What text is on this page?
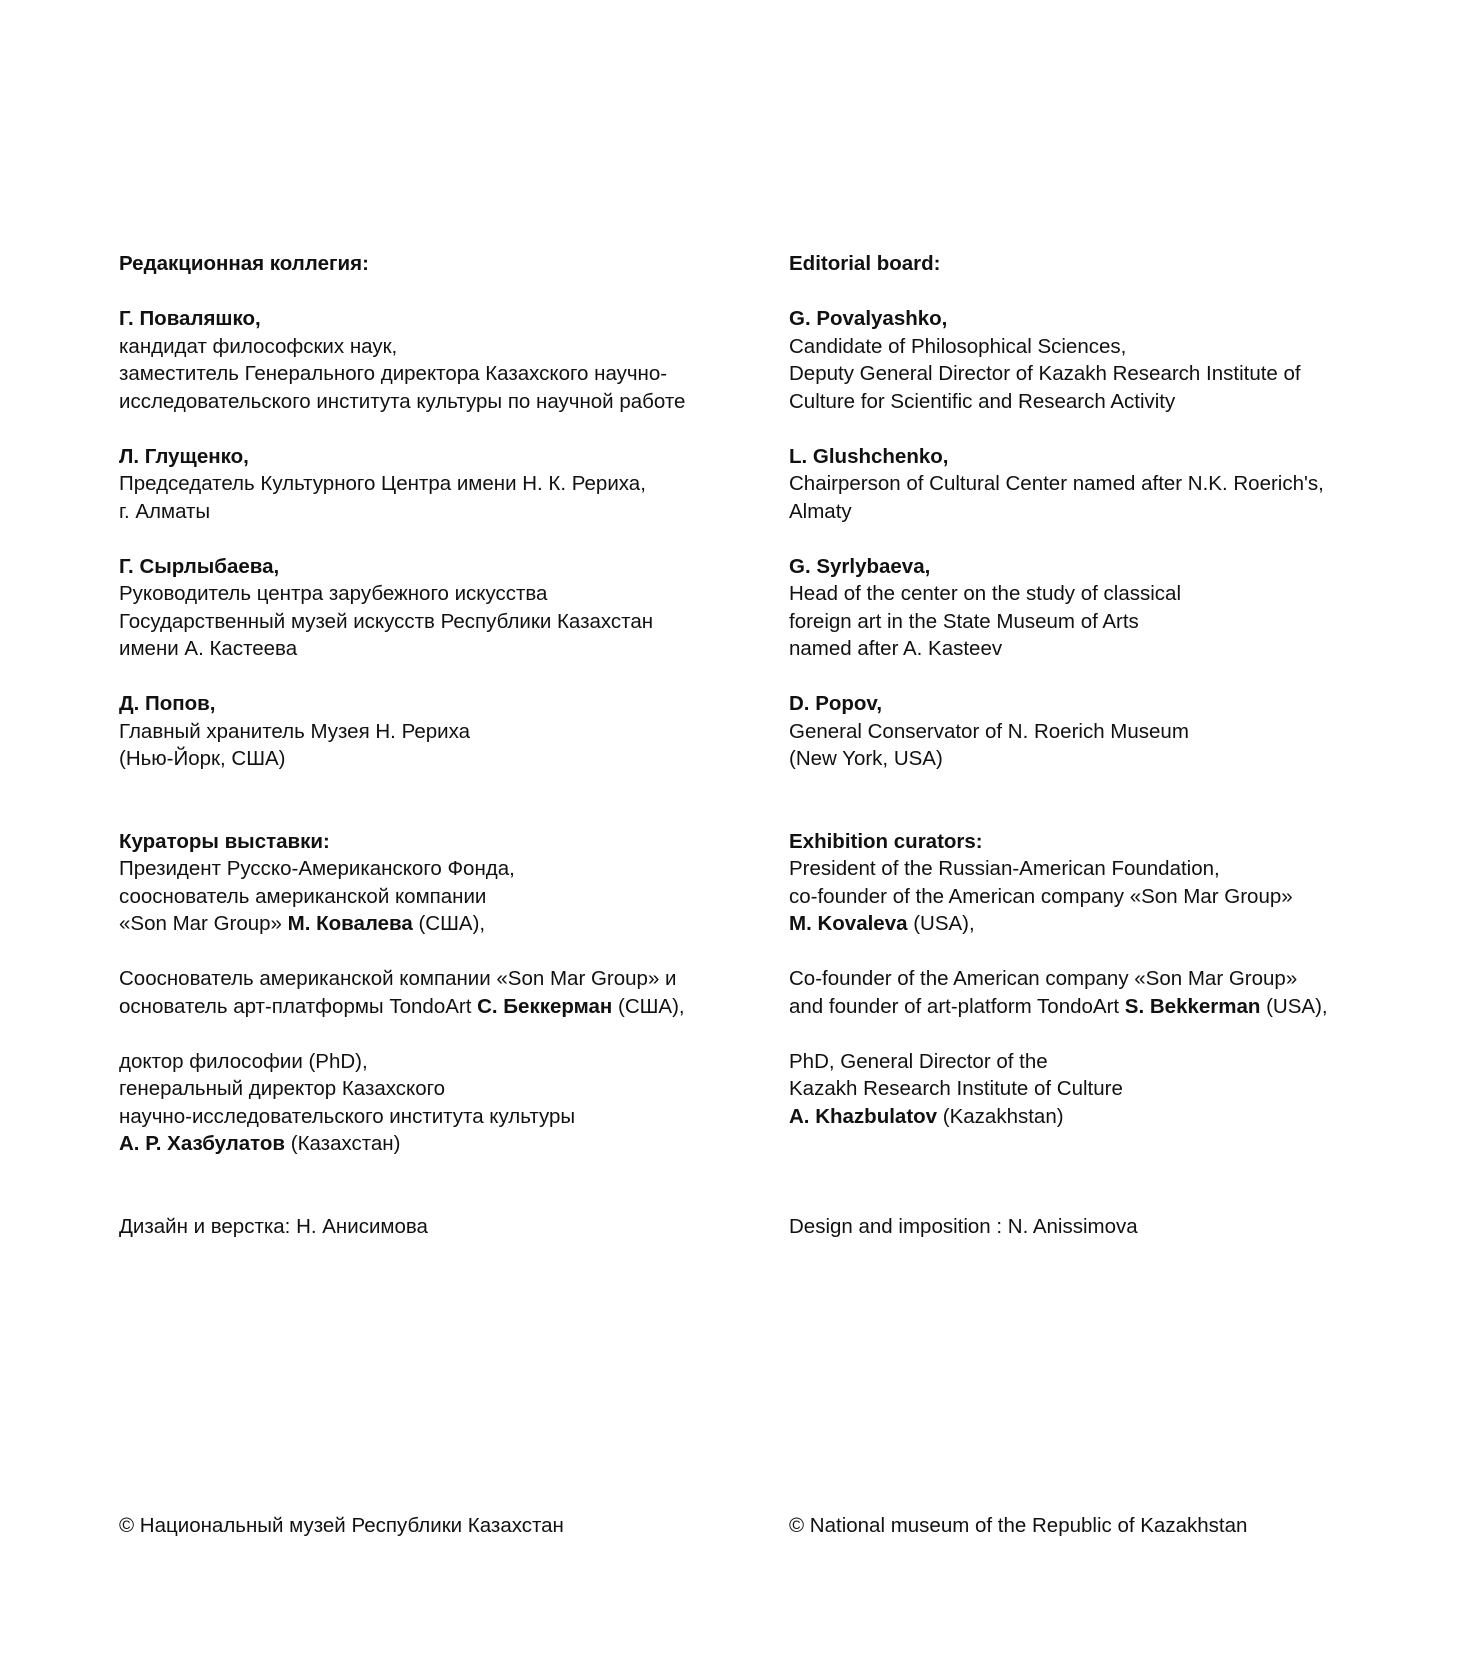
Редакционная коллегия:
Г. Поваляшко,
кандидат философских наук,
заместитель Генерального директора Казахского научно-
исследовательского института культуры по научной работе
Л. Глущенко,
Председатель Культурного Центра имени Н. К. Рериха,
г. Алматы
Г. Сырлыбаева,
Руководитель центра зарубежного искусства
Государственный музей искусств Республики Казахстан
имени А. Кастеева
Д. Попов,
Главный хранитель Музея Н. Рериха
(Нью-Йорк, США)
Кураторы выставки:
Президент Русско-Американского Фонда,
сооснователь американской компании
«Son Mar Group» М. Ковалева (США),
Сооснователь американской компании «Son Mar Group» и
основатель арт-платформы TondoArt С. Беккерман (США),
доктор философии (PhD),
генеральный директор Казахского
научно-исследовательского института культуры
А. Р. Хазбулатов (Казахстан)
Дизайн и верстка: Н. Анисимова
Editorial board:
G. Povalyashko,
Candidate of Philosophical Sciences,
Deputy General Director of Kazakh Research Institute of
Culture for Scientific and Research Activity
L. Glushchenko,
Chairperson of Cultural Center named after N.K. Roerich's,
Almaty
G. Syrlybaeva,
Head of the center on the study of classical
foreign art in the State Museum of Arts
named after A. Kasteev
D. Popov,
General Conservator of N. Roerich Museum
(New York, USA)
Exhibition curators:
President of the Russian-American Foundation,
co-founder of the American company «Son Mar Group»
M. Kovaleva (USA),
Co-founder of the American company «Son Mar Group»
and founder of art-platform TondoArt S. Bekkerman (USA),
PhD, General Director of the
Kazakh Research Institute of Culture
A. Khazbulatov (Kazakhstan)
Design and imposition : N. Anissimova
© Национальный музей Республики Казахстан	© National museum of the Republic of Kazakhstan
